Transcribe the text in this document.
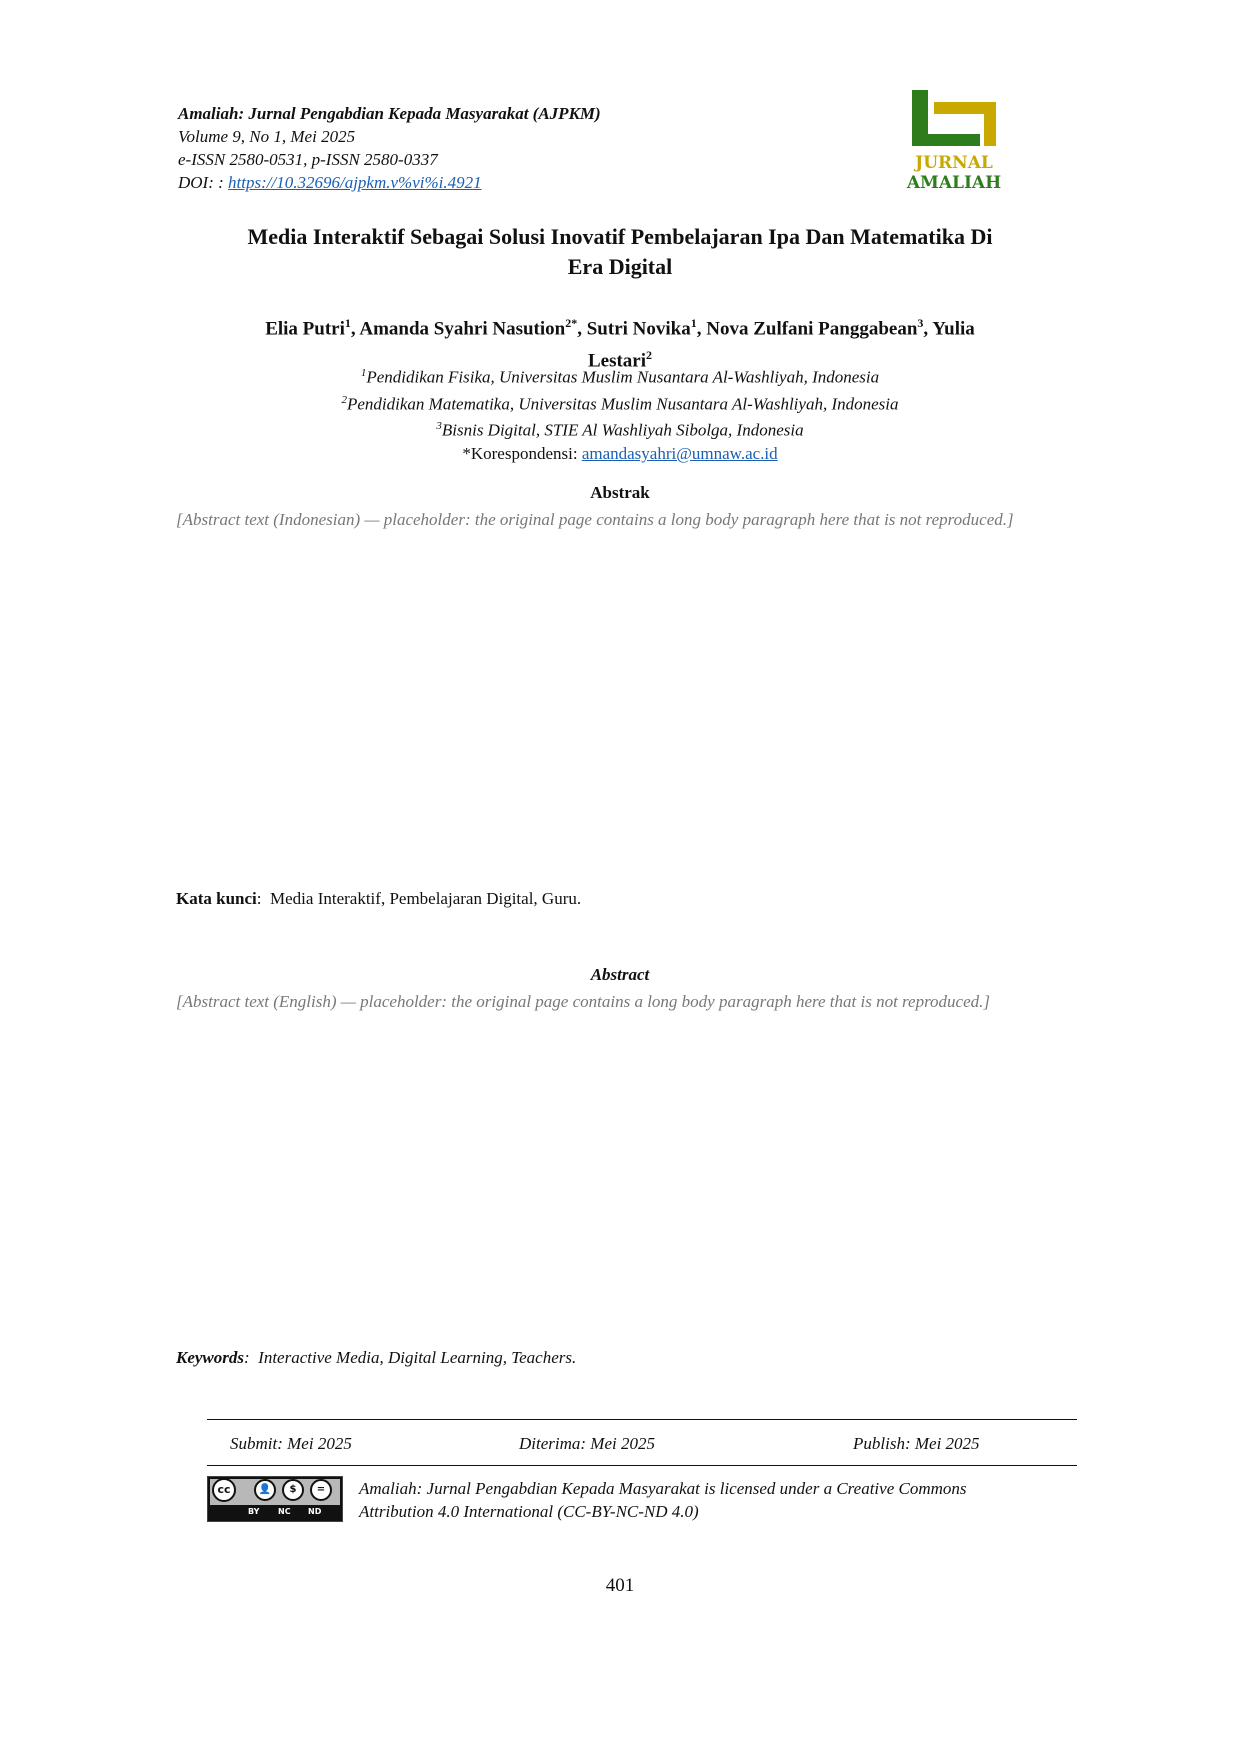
Amaliah: Jurnal Pengabdian Kepada Masyarakat (AJPKM)
Volume 9, No 1, Mei 2025
e-ISSN 2580-0531, p-ISSN 2580-0337
DOI: : https://10.32696/ajpkm.v%vi%i.4921
JURNAL
AMALIAH
Media Interaktif Sebagai Solusi Inovatif Pembelajaran Ipa Dan Matematika Di
Era Digital
Elia Putri$^1$, Amanda Syahri Nasution$^{2*}$, Sutri Novika$^1$, Nova Zulfani Panggabean$^3$, Yulia
Lestari$^2$
$^1$Pendidikan Fisika, Universitas Muslim Nusantara Al-Washliyah, Indonesia
$^2$Pendidikan Matematika, Universitas Muslim Nusantara Al-Washliyah, Indonesia
$^3$Bisnis Digital, STIE Al Washliyah Sibolga, Indonesia
*Korespondensi: amandasyahri@umnaw.ac.id
Abstrak
[Abstract text (Indonesian) — placeholder: the original page contains a long body paragraph here that is not reproduced.]
Kata kunci:  Media Interaktif, Pembelajaran Digital, Guru.
Abstract
[Abstract text (English) — placeholder: the original page contains a long body paragraph here that is not reproduced.]
Keywords:  Interactive Media, Digital Learning, Teachers.
Submit: Mei 2025	Diterima: Mei 2025	Publish: Mei 2025
cc	👤	$	=
BY NC ND
Amaliah: Jurnal Pengabdian Kepada Masyarakat is licensed under a Creative Commons
Attribution 4.0 International (CC-BY-NC-ND 4.0)
401
